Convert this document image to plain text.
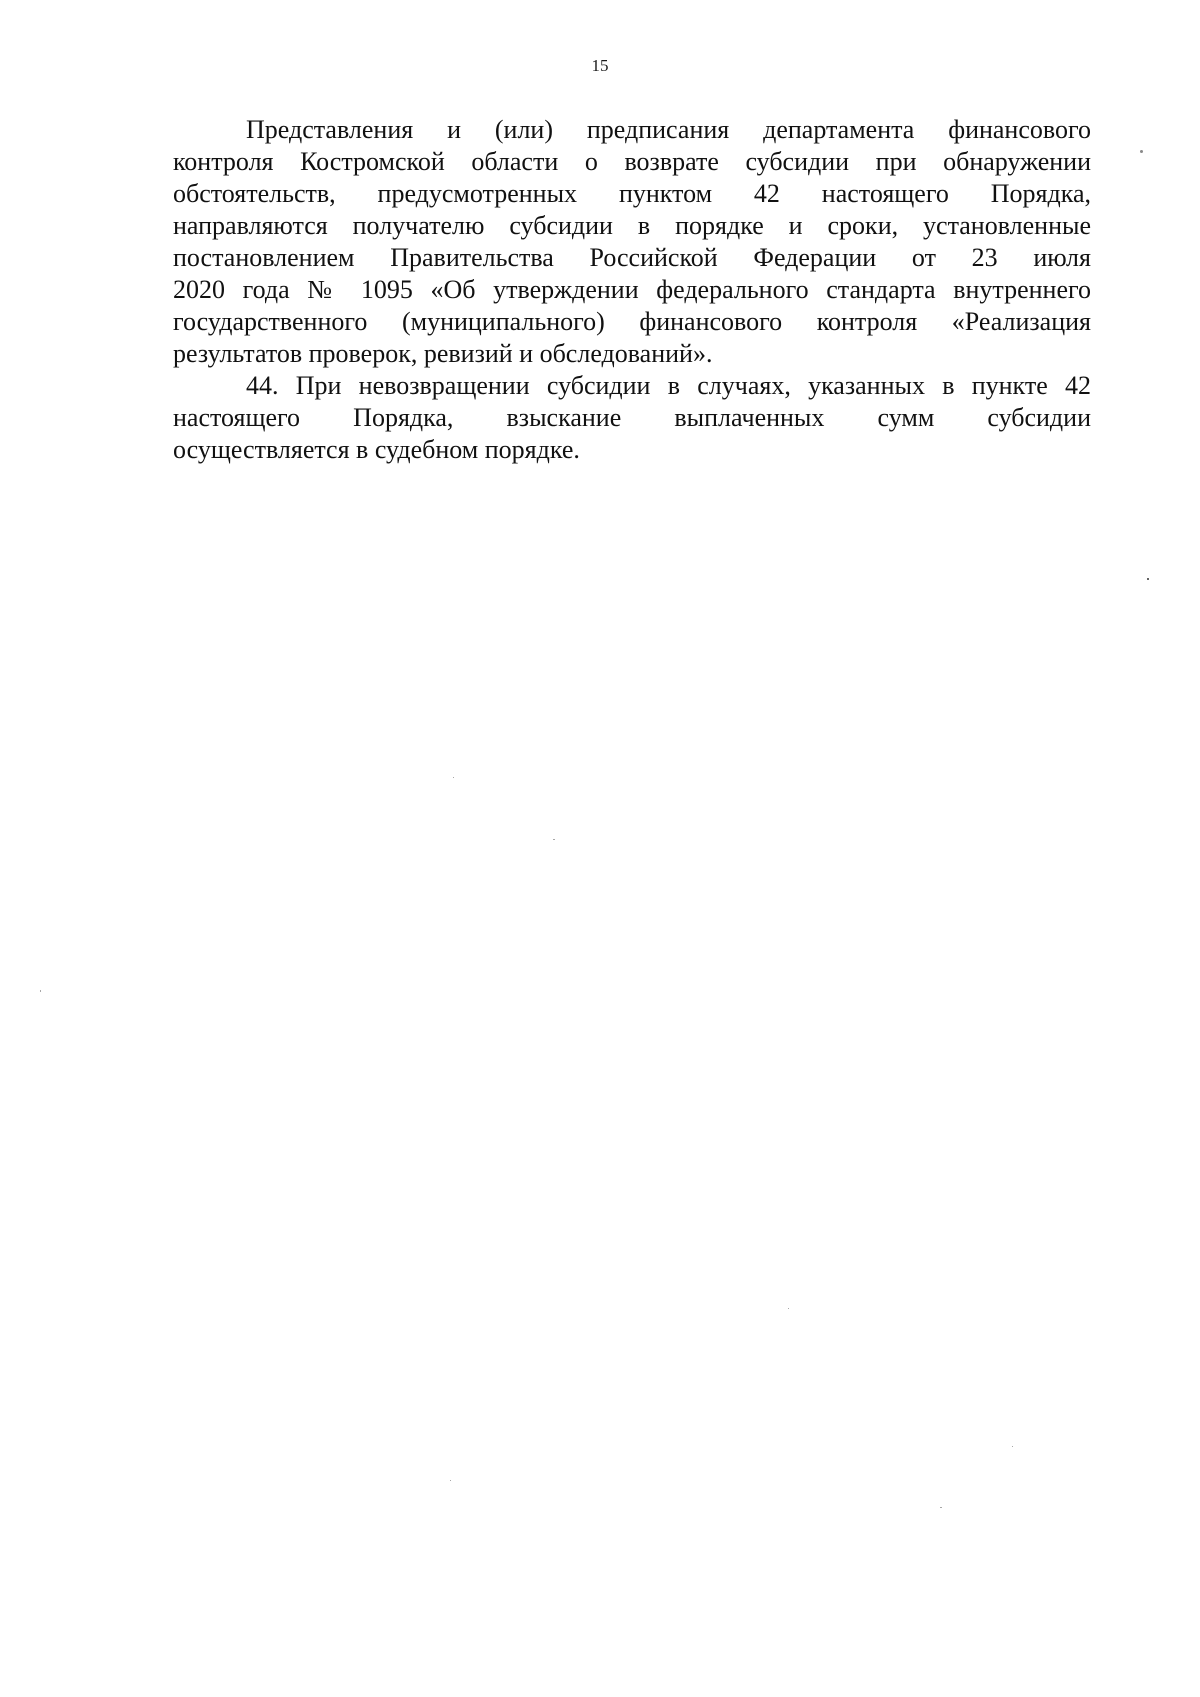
15
Представления и (или) предписания департамента финансового
контроля Костромской области о возврате субсидии при обнаружении
обстоятельств, предусмотренных пунктом 42 настоящего Порядка,
направляются получателю субсидии в порядке и сроки, установленные
постановлением Правительства Российской Федерации от 23 июля
2020 года № 1095 «Об утверждении федерального стандарта внутреннего
государственного (муниципального) финансового контроля «Реализация
результатов проверок, ревизий и обследований».
44. При невозвращении субсидии в случаях, указанных в пункте 42
настоящего Порядка, взыскание выплаченных сумм субсидии
осуществляется в судебном порядке.
